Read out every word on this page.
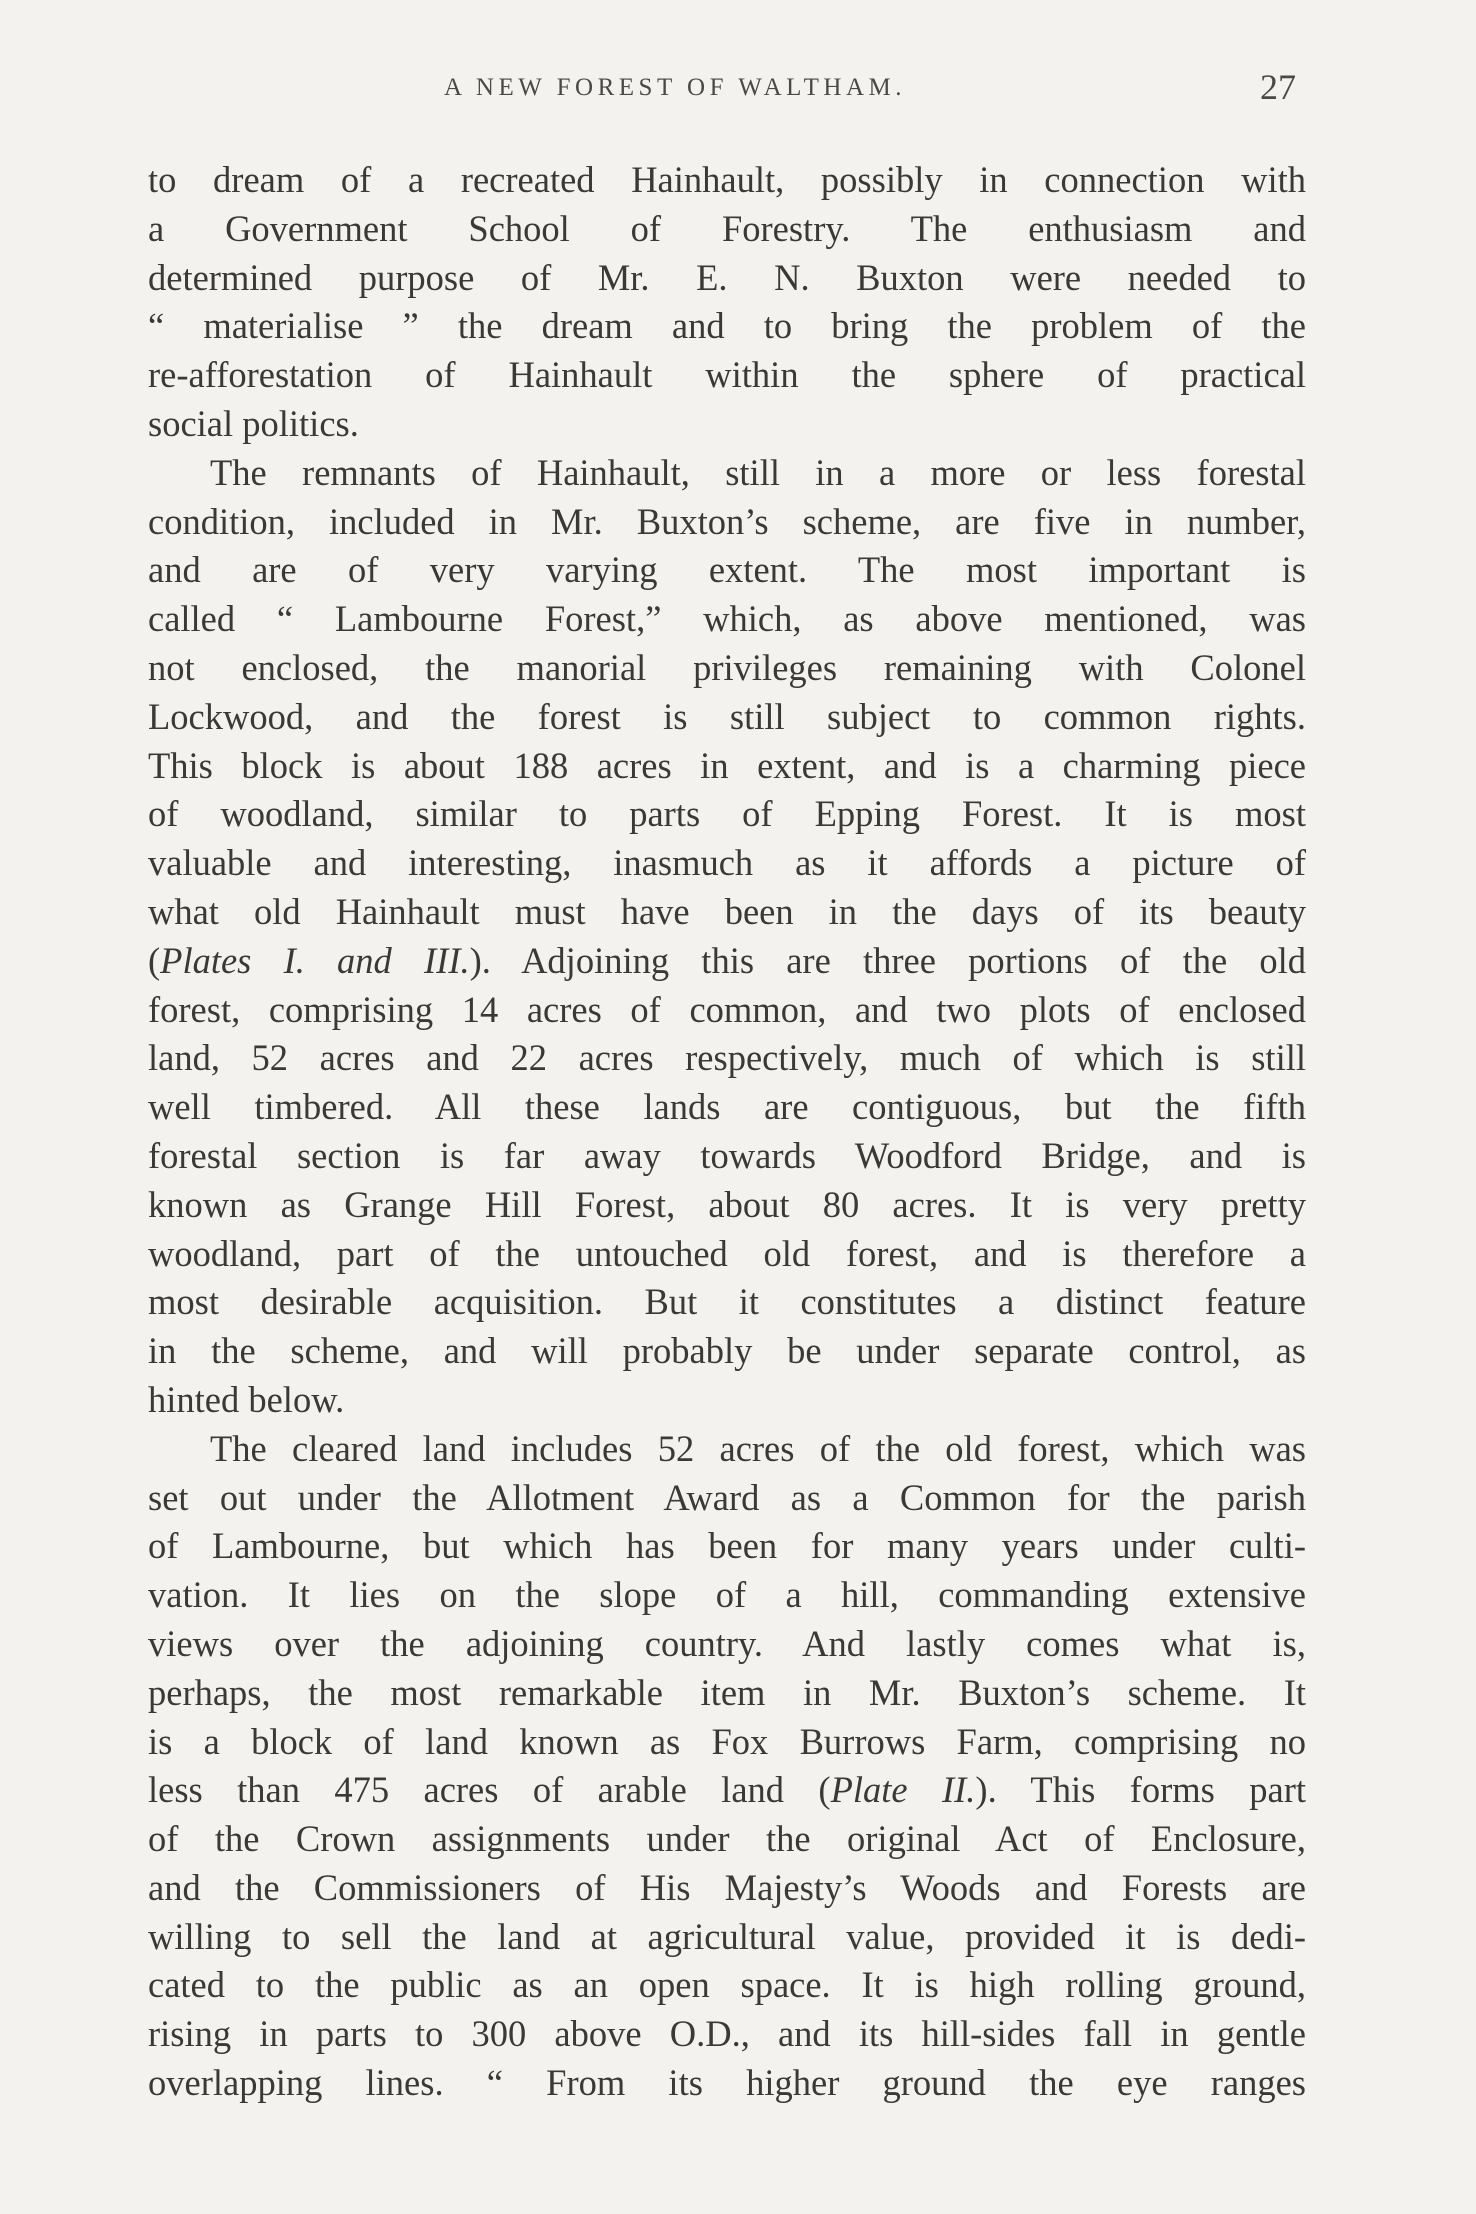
A NEW FOREST OF WALTHAM.	27
to dream of a recreated Hainhault, possibly in connection with
a Government School of Forestry. The enthusiasm and
determined purpose of Mr. E. N. Buxton were needed to
“ materialise ” the dream and to bring the problem of the
re-afforestation of Hainhault within the sphere of practical
social politics.
The remnants of Hainhault, still in a more or less forestal
condition, included in Mr. Buxton’s scheme, are five in number,
and are of very varying extent. The most important is
called “ Lambourne Forest,” which, as above mentioned, was
not enclosed, the manorial privileges remaining with Colonel
Lockwood, and the forest is still subject to common rights.
This block is about 188 acres in extent, and is a charming piece
of woodland, similar to parts of Epping Forest. It is most
valuable and interesting, inasmuch as it affords a picture of
what old Hainhault must have been in the days of its beauty
(Plates I. and III.). Adjoining this are three portions of the old
forest, comprising 14 acres of common, and two plots of enclosed
land, 52 acres and 22 acres respectively, much of which is still
well timbered. All these lands are contiguous, but the fifth
forestal section is far away towards Woodford Bridge, and is
known as Grange Hill Forest, about 80 acres. It is very pretty
woodland, part of the untouched old forest, and is therefore a
most desirable acquisition. But it constitutes a distinct feature
in the scheme, and will probably be under separate control, as
hinted below.
The cleared land includes 52 acres of the old forest, which was
set out under the Allotment Award as a Common for the parish
of Lambourne, but which has been for many years under culti-
vation. It lies on the slope of a hill, commanding extensive
views over the adjoining country. And lastly comes what is,
perhaps, the most remarkable item in Mr. Buxton’s scheme. It
is a block of land known as Fox Burrows Farm, comprising no
less than 475 acres of arable land (Plate II.). This forms part
of the Crown assignments under the original Act of Enclosure,
and the Commissioners of His Majesty’s Woods and Forests are
willing to sell the land at agricultural value, provided it is dedi-
cated to the public as an open space. It is high rolling ground,
rising in parts to 300 above O.D., and its hill-sides fall in gentle
overlapping lines. “ From its higher ground the eye ranges
